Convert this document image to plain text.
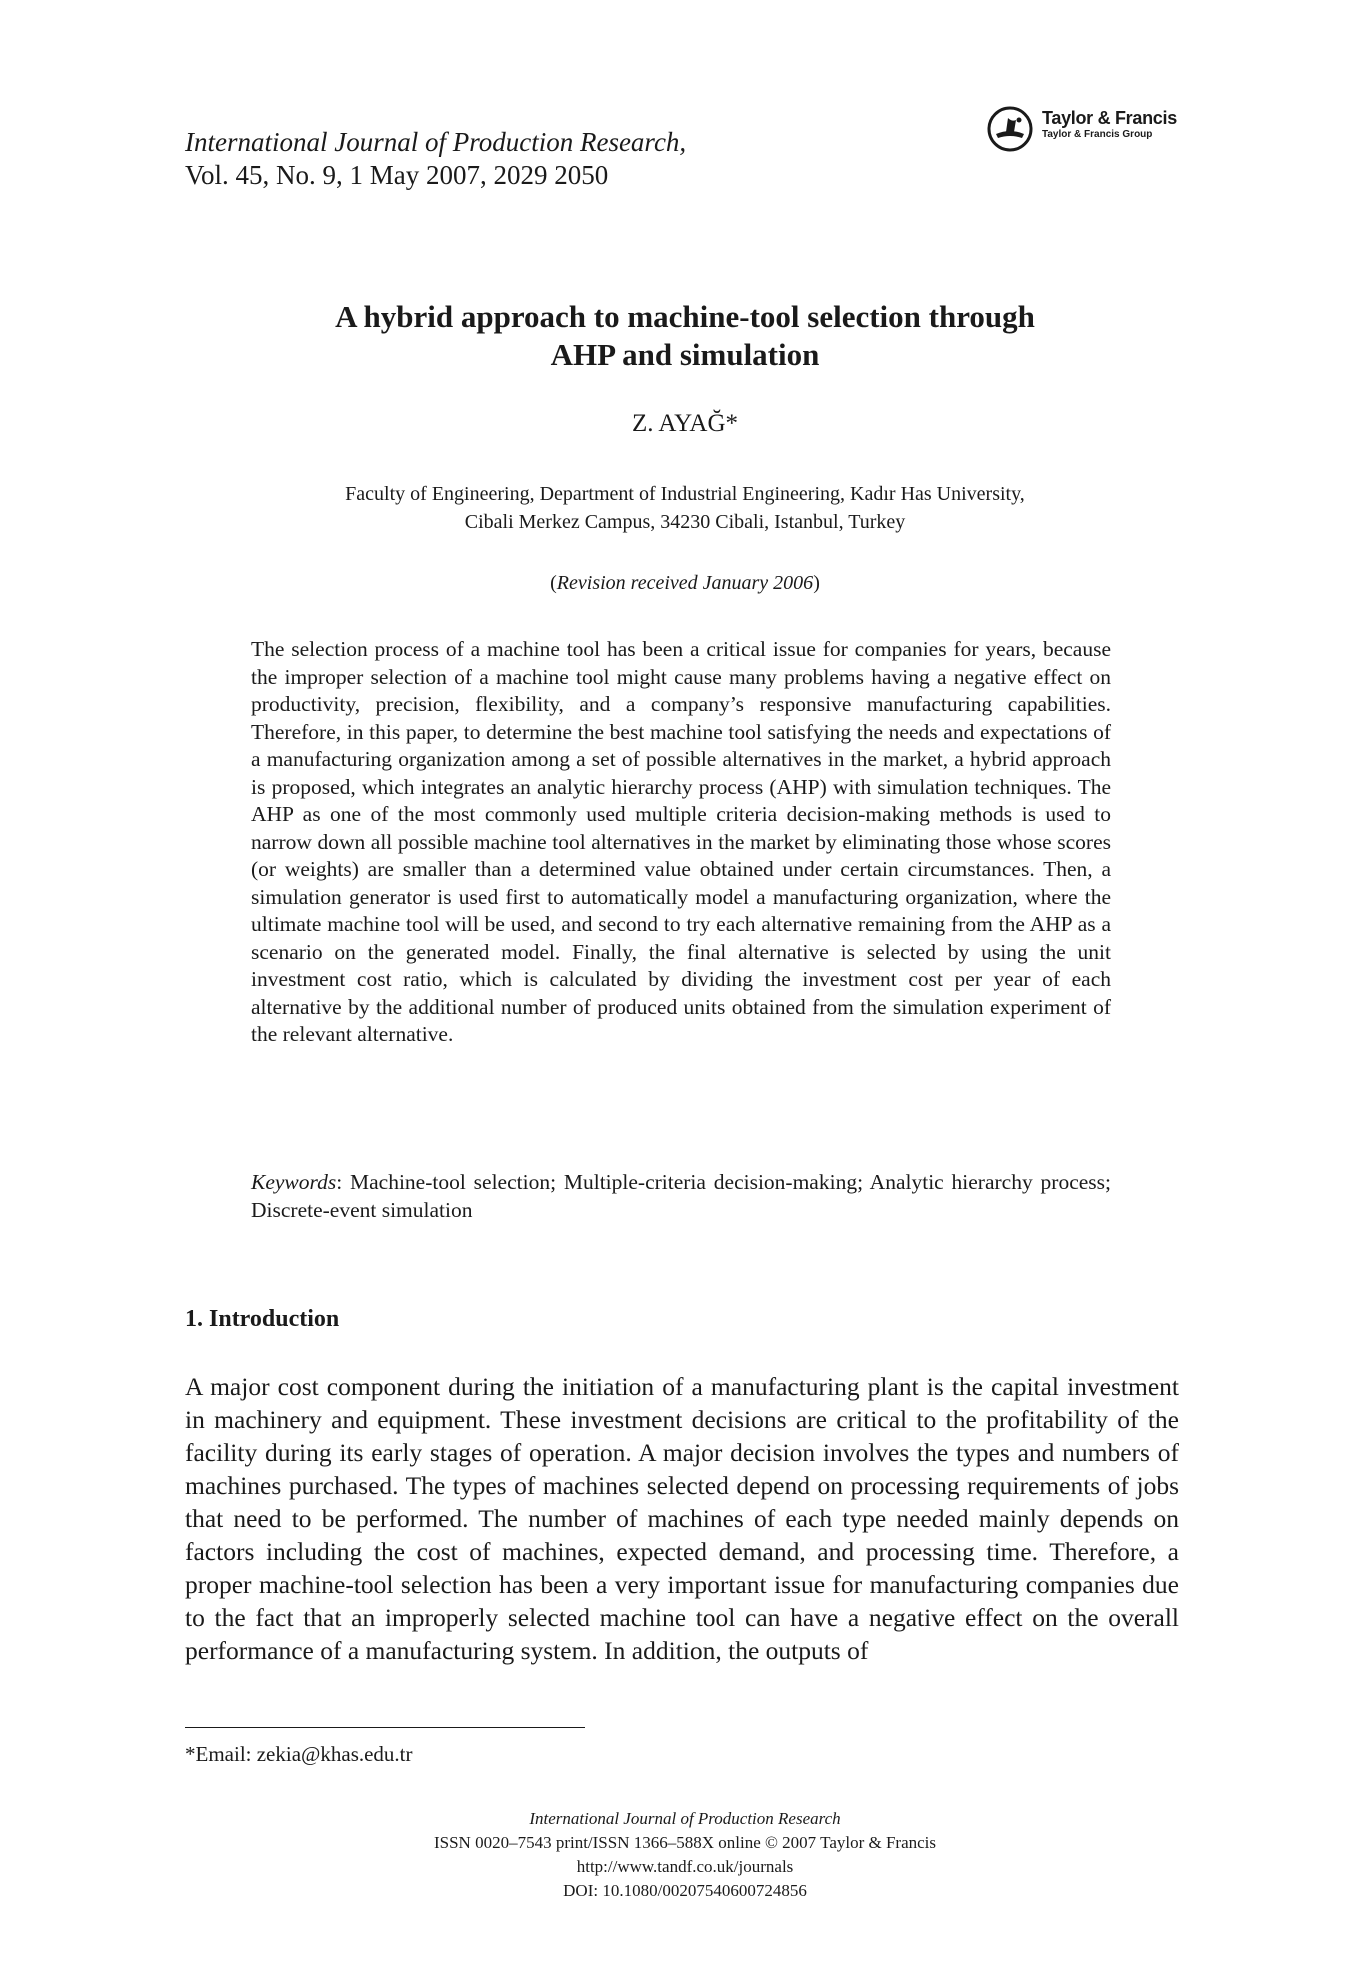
International Journal of Production Research,
Vol. 45, No. 9, 1 May 2007, 2029 2050
Taylor & Francis
Taylor & Francis Group
A hybrid approach to machine-tool selection through
AHP and simulation
Z. AYAĞ*
Faculty of Engineering, Department of Industrial Engineering, Kadır Has University,
Cibali Merkez Campus, 34230 Cibali, Istanbul, Turkey
(Revision received January 2006)
The selection process of a machine tool has been a critical issue for companies for years, because the improper selection of a machine tool might cause many problems having a negative effect on productivity, precision, flexibility, and a company’s responsive manufacturing capabilities. Therefore, in this paper, to determine the best machine tool satisfying the needs and expectations of a manufacturing organization among a set of possible alternatives in the market, a hybrid approach is proposed, which integrates an analytic hierarchy process (AHP) with simulation techniques. The AHP as one of the most commonly used multiple criteria decision-making methods is used to narrow down all possible machine tool alternatives in the market by eliminating those whose scores (or weights) are smaller than a determined value obtained under certain circumstances. Then, a simulation generator is used first to automatically model a manufacturing organization, where the ultimate machine tool will be used, and second to try each alternative remaining from the AHP as a scenario on the generated model. Finally, the final alternative is selected by using the unit investment cost ratio, which is calculated by dividing the investment cost per year of each alternative by the additional number of produced units obtained from the simulation experiment of the relevant alternative.
Keywords: Machine-tool selection; Multiple-criteria decision-making; Analytic hierarchy process; Discrete-event simulation
1. Introduction
A major cost component during the initiation of a manufacturing plant is the capital investment in machinery and equipment. These investment decisions are critical to the profitability of the facility during its early stages of operation. A major decision involves the types and numbers of machines purchased. The types of machines selected depend on processing requirements of jobs that need to be performed. The number of machines of each type needed mainly depends on factors including the cost of machines, expected demand, and processing time. Therefore, a proper machine-tool selection has been a very important issue for manufacturing companies due to the fact that an improperly selected machine tool can have a negative effect on the overall performance of a manufacturing system. In addition, the outputs of
*Email: zekia@khas.edu.tr
International Journal of Production Research
ISSN 0020–7543 print/ISSN 1366–588X online © 2007 Taylor & Francis
http://www.tandf.co.uk/journals
DOI: 10.1080/00207540600724856
